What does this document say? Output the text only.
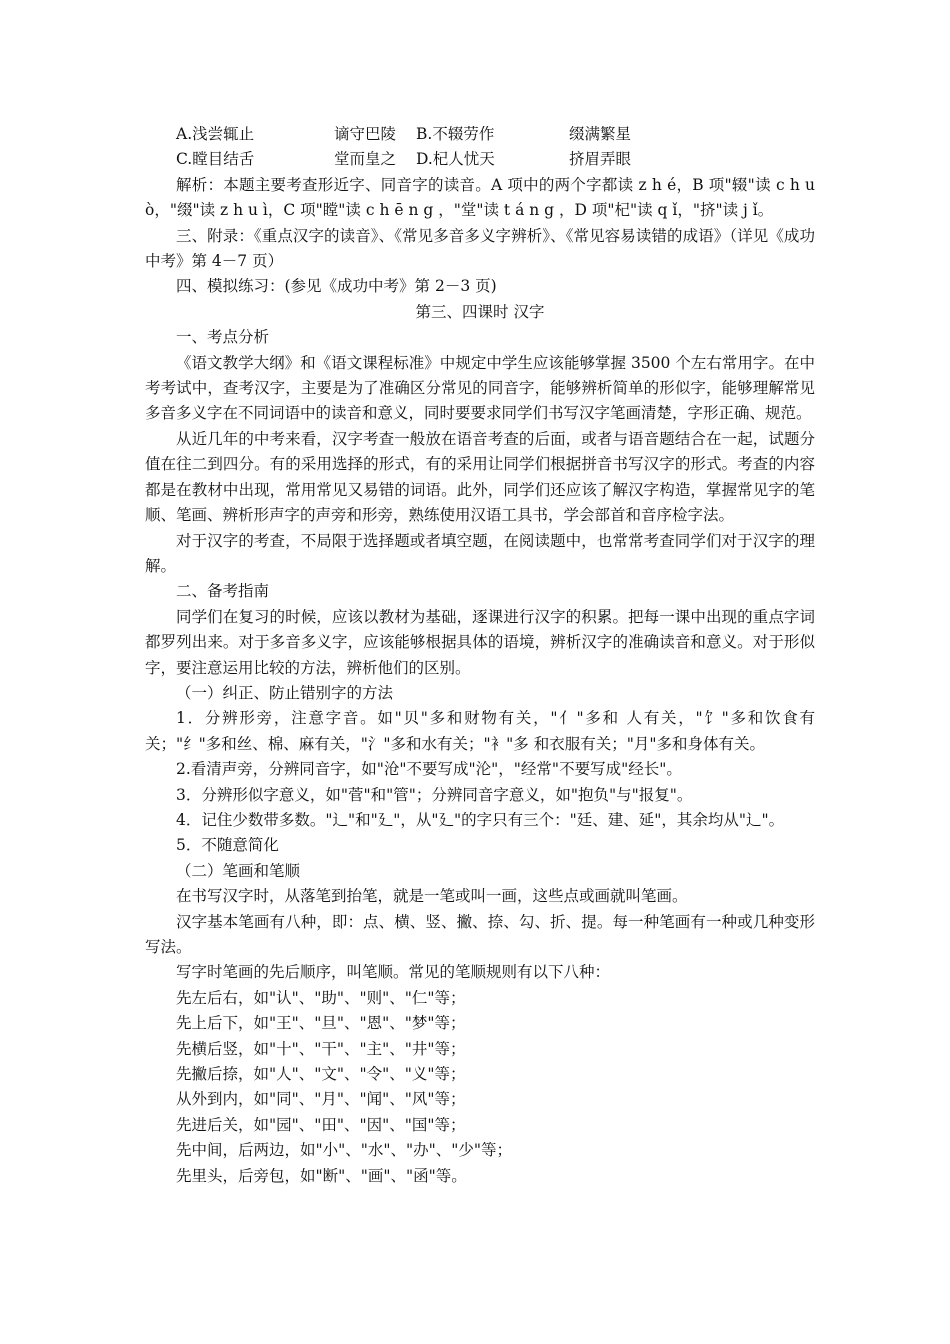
A.浅尝辄止	谪守巴陵	B.不辍劳作	缀满繁星
C.瞠目结舌	堂而皇之	D.杞人忧天	挤眉弄眼

解析：本题主要考查形近字、同音字的读音。A 项中的两个字都读 z h é，B 项"辍"读 c h u ò，"缀"读 z h u ì，C 项"瞠"读 c h ē n g ，"堂"读 t á n g ，D 项"杞"读 q ǐ，"挤"读 j ǐ。

三、附录：《重点汉字的读音》、《常见多音多义字辨析》、《常见容易读错的成语》（详见《成功中考》第 4－7 页）

四、模拟练习：(参见《成功中考》第 2－3 页)

第三、四课时 汉字

一、考点分析

《语文教学大纲》和《语文课程标准》中规定中学生应该能够掌握 3500 个左右常用字。在中考考试中，查考汉字，主要是为了准确区分常见的同音字，能够辨析简单的形似字，能够理解常见多音多义字在不同词语中的读音和意义，同时要要求同学们书写汉字笔画清楚，字形正确、规范。

从近几年的中考来看，汉字考查一般放在语音考查的后面，或者与语音题结合在一起，试题分值在往二到四分。有的采用选择的形式，有的采用让同学们根据拼音书写汉字的形式。考查的内容都是在教材中出现，常用常见又易错的词语。此外，同学们还应该了解汉字构造，掌握常见字的笔顺、笔画、辨析形声字的声旁和形旁，熟练使用汉语工具书，学会部首和音序检字法。

对于汉字的考查，不局限于选择题或者填空题，在阅读题中，也常常考查同学们对于汉字的理解。

二、备考指南

同学们在复习的时候，应该以教材为基础，逐课进行汉字的积累。把每一课中出现的重点字词都罗列出来。对于多音多义字，应该能够根据具体的语境，辨析汉字的准确读音和意义。对于形似字，要注意运用比较的方法，辨析他们的区别。

（一）纠正、防止错别字的方法

1．分辨形旁，注意字音。如"贝"多和财物有关，"亻"多和 人有关，"饣"多和饮食有关；"纟"多和丝、棉、麻有关，"氵"多和水有关；"衤"多 和衣服有关；"月"多和身体有关。

2.看清声旁，分辨同音字，如"沧"不要写成"沦"，"经常"不要写成"经长"。

3．分辨形似字意义，如"菅"和"管"；分辨同音字意义，如"抱负"与"报复"。

4．记住少数带多数。"辶"和"廴"，从"廴"的字只有三个："廷、建、延"，其余均从"辶"。

5．不随意简化

（二）笔画和笔顺

在书写汉字时，从落笔到抬笔，就是一笔或叫一画，这些点或画就叫笔画。

汉字基本笔画有八种，即：点、横、竖、撇、捺、勾、折、提。每一种笔画有一种或几种变形写法。

写字时笔画的先后顺序，叫笔顺。常见的笔顺规则有以下八种：

先左后右，如"认"、"助"、"则"、"仁"等；

先上后下，如"王"、"旦"、"恩"、"梦"等；

先横后竖，如"十"、"干"、"主"、"井"等；

先撇后捺，如"人"、"文"、"令"、"义"等；

从外到内，如"同"、"月"、"闻"、"风"等；

先进后关，如"园"、"田"、"因"、"国"等；

先中间，后两边，如"小"、"水"、"办"、"少"等；

先里头，后旁包，如"断"、"画"、"函"等。
